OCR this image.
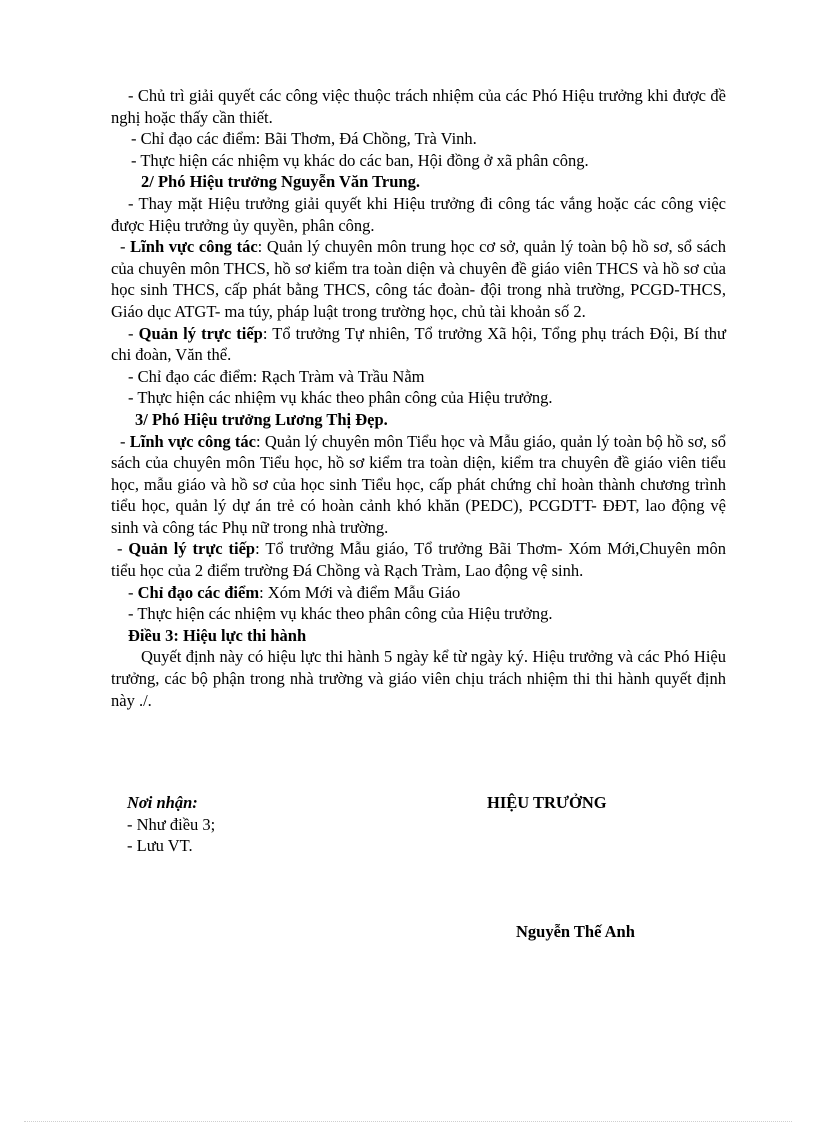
- Chủ trì giải quyết các công việc thuộc trách nhiệm của các Phó Hiệu trưởng khi được đề nghị hoặc thấy cần thiết.

- Chỉ đạo các điểm: Bãi Thơm, Đá Chồng, Trà Vinh.

- Thực hiện các nhiệm vụ khác do các ban, Hội đồng ở xã phân công.

2/ Phó Hiệu trưởng Nguyễn Văn Trung.

- Thay mặt Hiệu trưởng giải quyết khi Hiệu trưởng đi công tác vắng hoặc các công việc được Hiệu trưởng ủy quyền, phân công.

- Lĩnh vực công tác: Quản lý chuyên môn trung học cơ sở, quản lý toàn bộ hồ sơ, sổ sách của chuyên môn THCS, hồ sơ kiểm tra toàn diện và chuyên đề giáo viên THCS và hồ sơ của học sinh THCS, cấp phát bằng THCS, công tác đoàn- đội trong nhà trường, PCGD-THCS, Giáo dục ATGT- ma túy, pháp luật trong trường học, chủ tài khoản số 2.

- Quản lý trực tiếp: Tổ trưởng Tự nhiên, Tổ trưởng Xã hội, Tổng phụ trách Đội, Bí thư chi đoàn, Văn thể.

- Chỉ đạo các điểm: Rạch Tràm và Trầu Nằm

- Thực hiện các nhiệm vụ khác theo phân công của Hiệu trưởng.

3/ Phó Hiệu trưởng Lương Thị Đẹp.

- Lĩnh vực công tác: Quản lý chuyên môn Tiểu học và Mẫu giáo, quản lý toàn bộ hồ sơ, sổ sách của chuyên môn Tiểu học, hồ sơ kiểm tra toàn diện, kiểm tra chuyên đề giáo viên tiểu học, mẫu giáo và hồ sơ của học sinh Tiểu học, cấp phát chứng chỉ hoàn thành chương trình tiểu học, quản lý dự án trẻ có hoàn cảnh khó khăn (PEDC), PCGDTT- ĐĐT, lao động vệ sinh và công tác Phụ nữ trong nhà trường.

- Quản lý trực tiếp: Tổ trưởng Mẫu giáo, Tổ trưởng Bãi Thơm- Xóm Mới,Chuyên môn tiểu học của 2 điểm trường Đá Chồng và Rạch Tràm, Lao động vệ sinh.

- Chỉ đạo các điểm: Xóm Mới và điểm Mẫu Giáo

- Thực hiện các nhiệm vụ khác theo phân công của Hiệu trưởng.

Điều 3: Hiệu lực thi hành

Quyết định này có hiệu lực thi hành 5 ngày kể từ ngày ký. Hiệu trưởng và các Phó Hiệu trưởng, các bộ phận trong nhà trường và giáo viên chịu trách nhiệm thi thi hành quyết định này ./.

Nơi nhận:
- Như điều 3;
- Lưu VT.
HIỆU TRƯỞNG
Nguyễn Thế Anh
